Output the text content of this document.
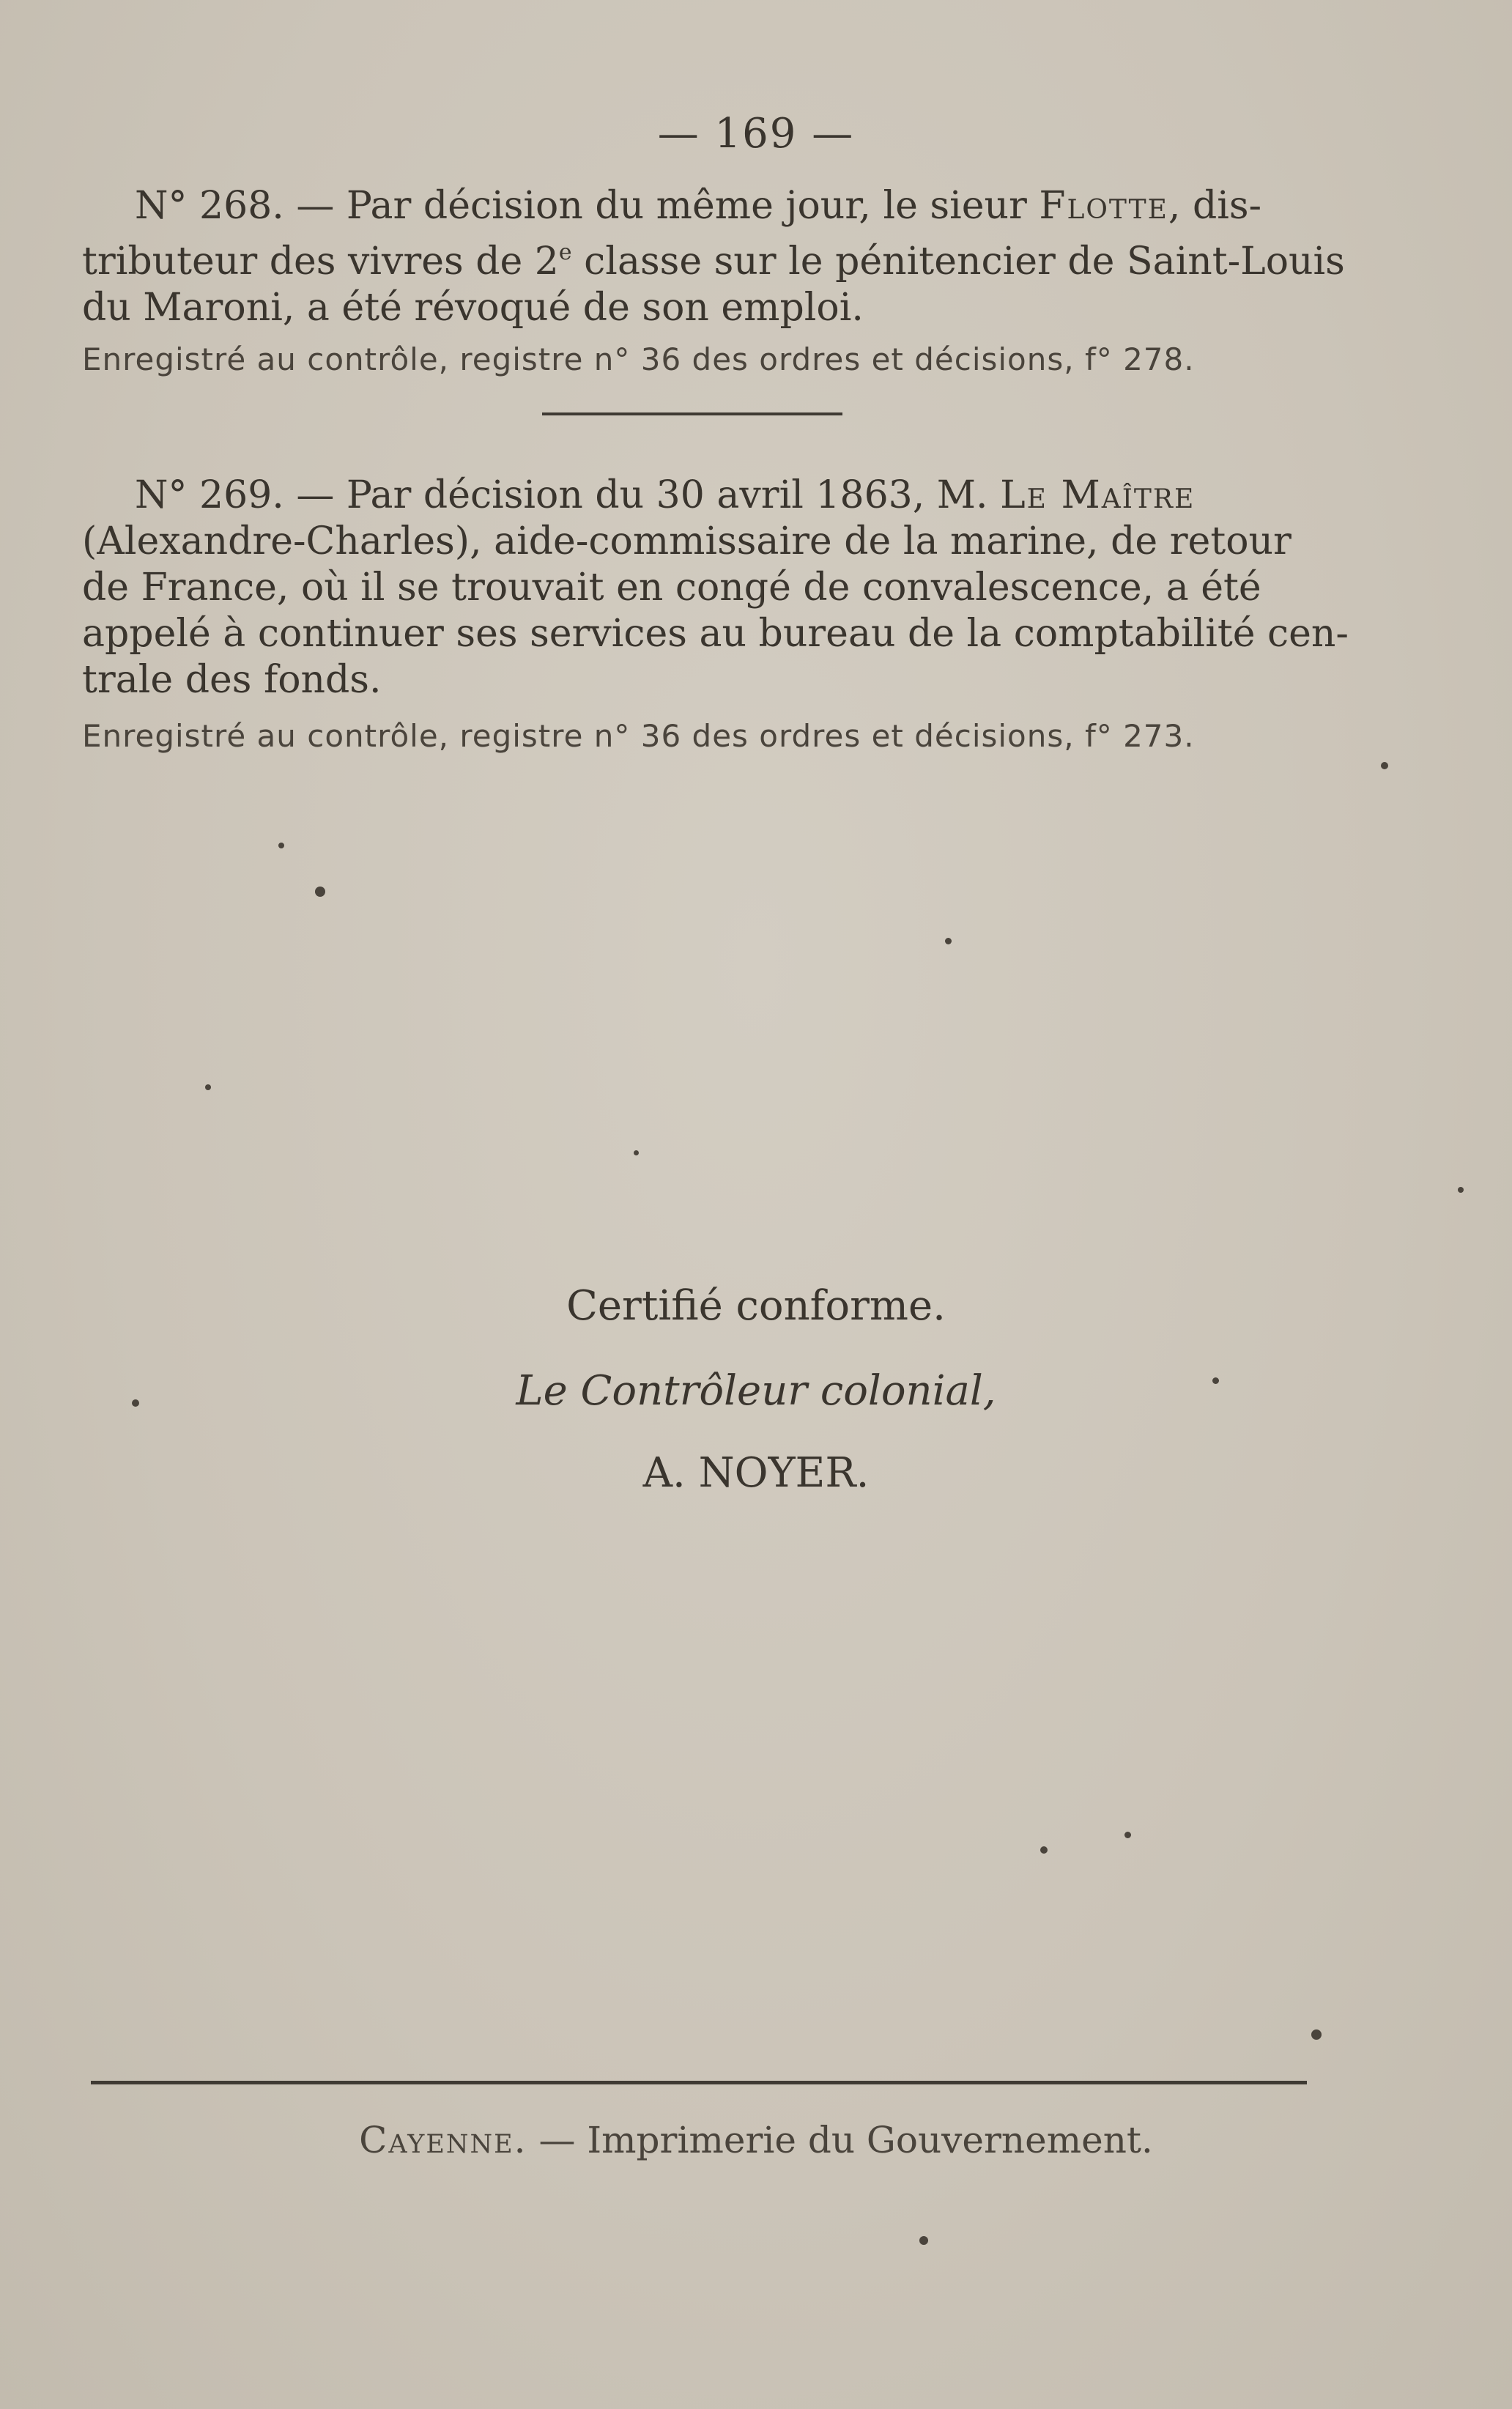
— 169 —
N° 268. — Par décision du même jour, le sieur Flotte, dis-
tributeur des vivres de 2e classe sur le pénitencier de Saint-Louis
du Maroni, a été révoqué de son emploi.
Enregistré au contrôle, registre n° 36 des ordres et décisions, f° 278.
N° 269. — Par décision du 30 avril 1863, M. Le Maître
(Alexandre-Charles), aide-commissaire de la marine, de retour
de France, où il se trouvait en congé de convalescence, a été
appelé à continuer ses services au bureau de la comptabilité cen-
trale des fonds.
Enregistré au contrôle, registre n° 36 des ordres et décisions, f° 273.
Certifié conforme.
Le Contrôleur colonial,
A. NOYER.
Cayenne. — Imprimerie du Gouvernement.
